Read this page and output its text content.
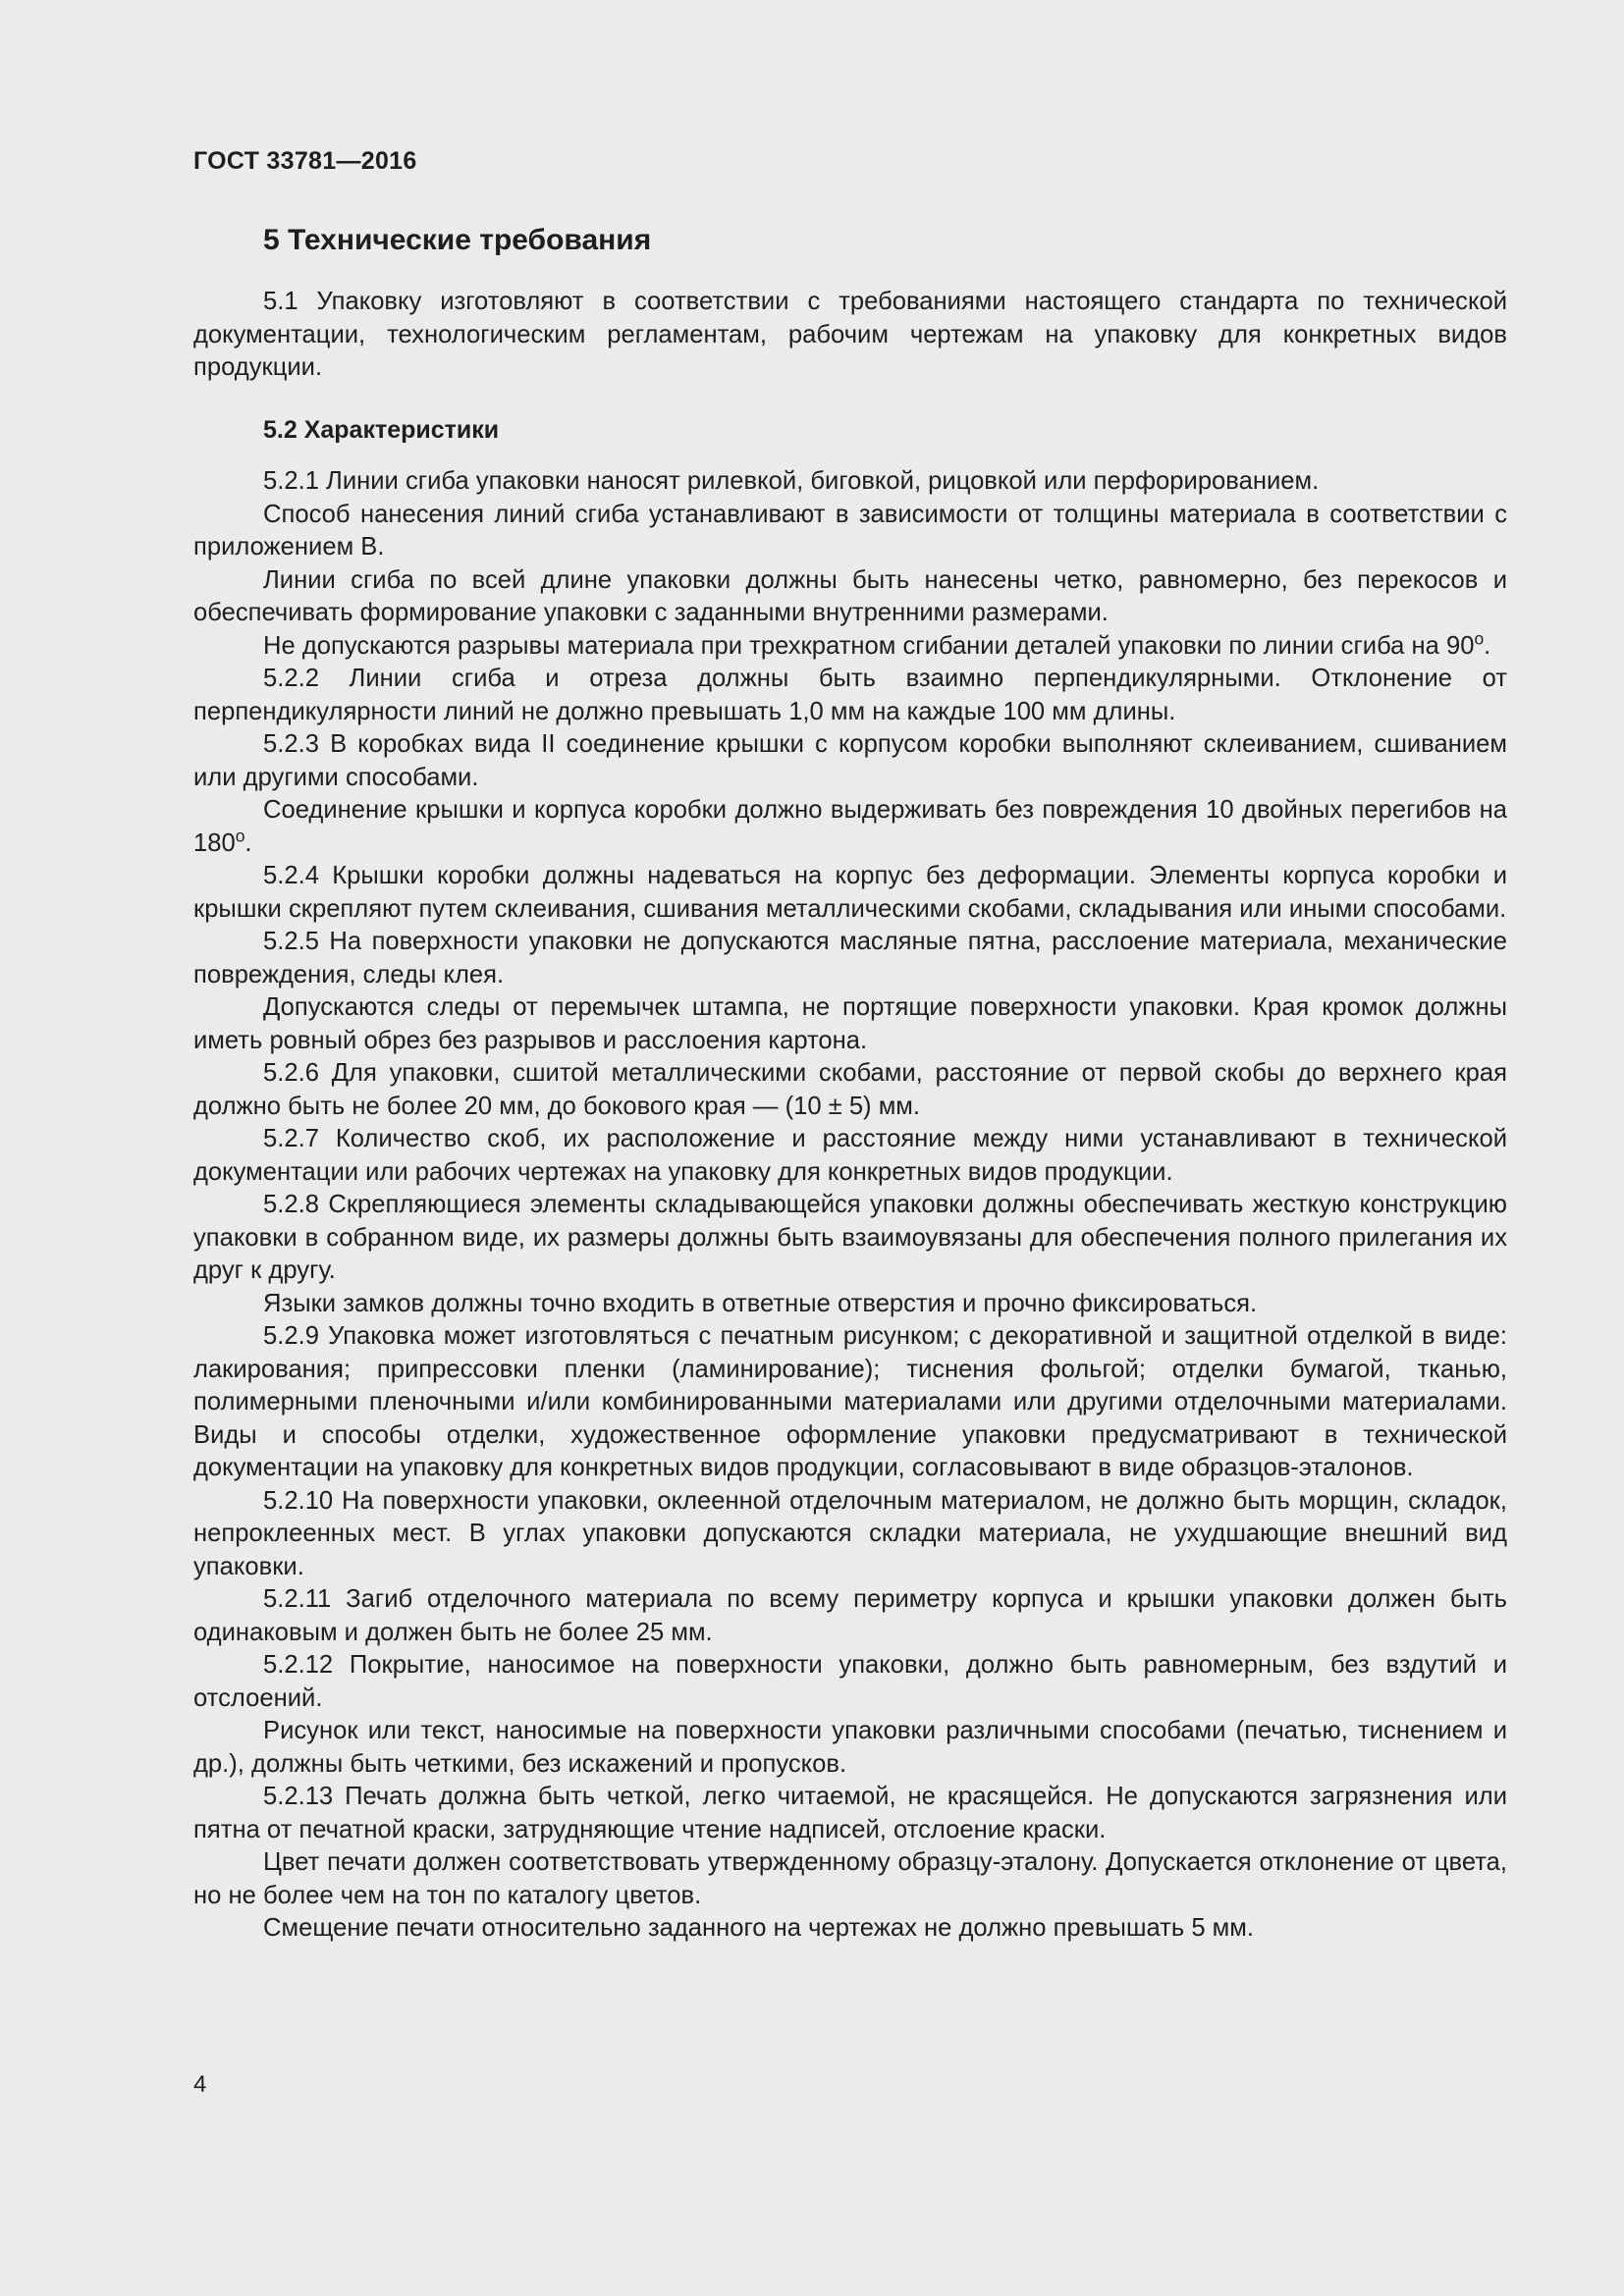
ГОСТ 33781—2016
5 Технические требования

5.1 Упаковку изготовляют в соответствии с требованиями настоящего стандарта по технической документации, технологическим регламентам, рабочим чертежам на упаковку для конкретных видов продукции.

5.2 Характеристики

5.2.1 Линии сгиба упаковки наносят рилевкой, биговкой, рицовкой или перфорированием.

Способ нанесения линий сгиба устанавливают в зависимости от толщины материала в соответствии с приложением В.

Линии сгиба по всей длине упаковки должны быть нанесены четко, равномерно, без перекосов и обеспечивать формирование упаковки с заданными внутренними размерами.

Не допускаются разрывы материала при трехкратном сгибании деталей упаковки по линии сгиба на $90^о$.

5.2.2 Линии сгиба и отреза должны быть взаимно перпендикулярными. Отклонение от перпендикулярности линий не должно превышать 1,0 мм на каждые 100 мм длины.

5.2.3 В коробках вида II соединение крышки с корпусом коробки выполняют склеиванием, сшиванием или другими способами.

Соединение крышки и корпуса коробки должно выдерживать без повреждения 10 двойных перегибов на $180^о$.

5.2.4 Крышки коробки должны надеваться на корпус без деформации. Элементы корпуса коробки и крышки скрепляют путем склеивания, сшивания металлическими скобами, складывания или иными способами.

5.2.5 На поверхности упаковки не допускаются масляные пятна, расслоение материала, механические повреждения, следы клея.

Допускаются следы от перемычек штампа, не портящие поверхности упаковки. Края кромок должны иметь ровный обрез без разрывов и расслоения картона.

5.2.6 Для упаковки, сшитой металлическими скобами, расстояние от первой скобы до верхнего края должно быть не более 20 мм, до бокового края — (10 ± 5) мм.

5.2.7 Количество скоб, их расположение и расстояние между ними устанавливают в технической документации или рабочих чертежах на упаковку для конкретных видов продукции.

5.2.8 Скрепляющиеся элементы складывающейся упаковки должны обеспечивать жесткую конструкцию упаковки в собранном виде, их размеры должны быть взаимоувязаны для обеспечения полного прилегания их друг к другу.

Языки замков должны точно входить в ответные отверстия и прочно фиксироваться.

5.2.9 Упаковка может изготовляться с печатным рисунком; с декоративной и защитной отделкой в виде: лакирования; припрессовки пленки (ламинирование); тиснения фольгой; отделки бумагой, тканью, полимерными пленочными и/или комбинированными материалами или другими отделочными материалами. Виды и способы отделки, художественное оформление упаковки предусматривают в технической документации на упаковку для конкретных видов продукции, согласовывают в виде образцов-эталонов.

5.2.10 На поверхности упаковки, оклеенной отделочным материалом, не должно быть морщин, складок, непроклеенных мест. В углах упаковки допускаются складки материала, не ухудшающие внешний вид упаковки.

5.2.11 Загиб отделочного материала по всему периметру корпуса и крышки упаковки должен быть одинаковым и должен быть не более 25 мм.

5.2.12 Покрытие, наносимое на поверхности упаковки, должно быть равномерным, без вздутий и отслоений.

Рисунок или текст, наносимые на поверхности упаковки различными способами (печатью, тиснением и др.), должны быть четкими, без искажений и пропусков.

5.2.13 Печать должна быть четкой, легко читаемой, не красящейся. Не допускаются загрязнения или пятна от печатной краски, затрудняющие чтение надписей, отслоение краски.

Цвет печати должен соответствовать утвержденному образцу-эталону. Допускается отклонение от цвета, но не более чем на тон по каталогу цветов.

Смещение печати относительно заданного на чертежах не должно превышать 5 мм.

4
